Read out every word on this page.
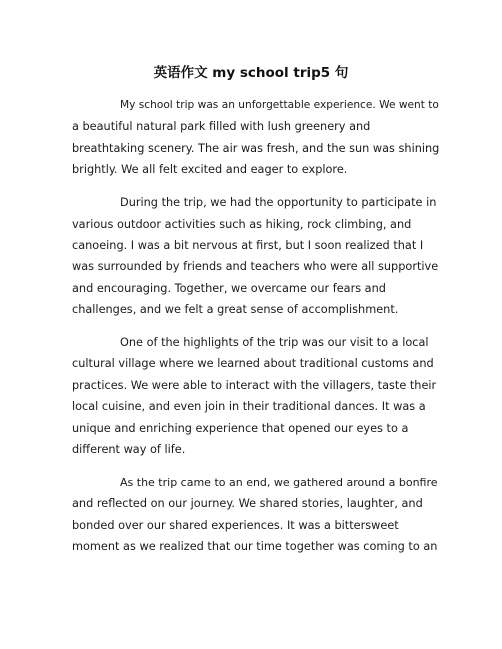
英语作文 my school trip5 句

My school trip was an unforgettable experience. We went to
a beautiful natural park filled with lush greenery and
breathtaking scenery. The air was fresh, and the sun was shining
brightly. We all felt excited and eager to explore.

During the trip, we had the opportunity to participate in
various outdoor activities such as hiking, rock climbing, and
canoeing. I was a bit nervous at first, but I soon realized that I
was surrounded by friends and teachers who were all supportive
and encouraging. Together, we overcame our fears and
challenges, and we felt a great sense of accomplishment.

One of the highlights of the trip was our visit to a local
cultural village where we learned about traditional customs and
practices. We were able to interact with the villagers, taste their
local cuisine, and even join in their traditional dances. It was a
unique and enriching experience that opened our eyes to a
different way of life.

As the trip came to an end, we gathered around a bonfire
and reflected on our journey. We shared stories, laughter, and
bonded over our shared experiences. It was a bittersweet
moment as we realized that our time together was coming to an
